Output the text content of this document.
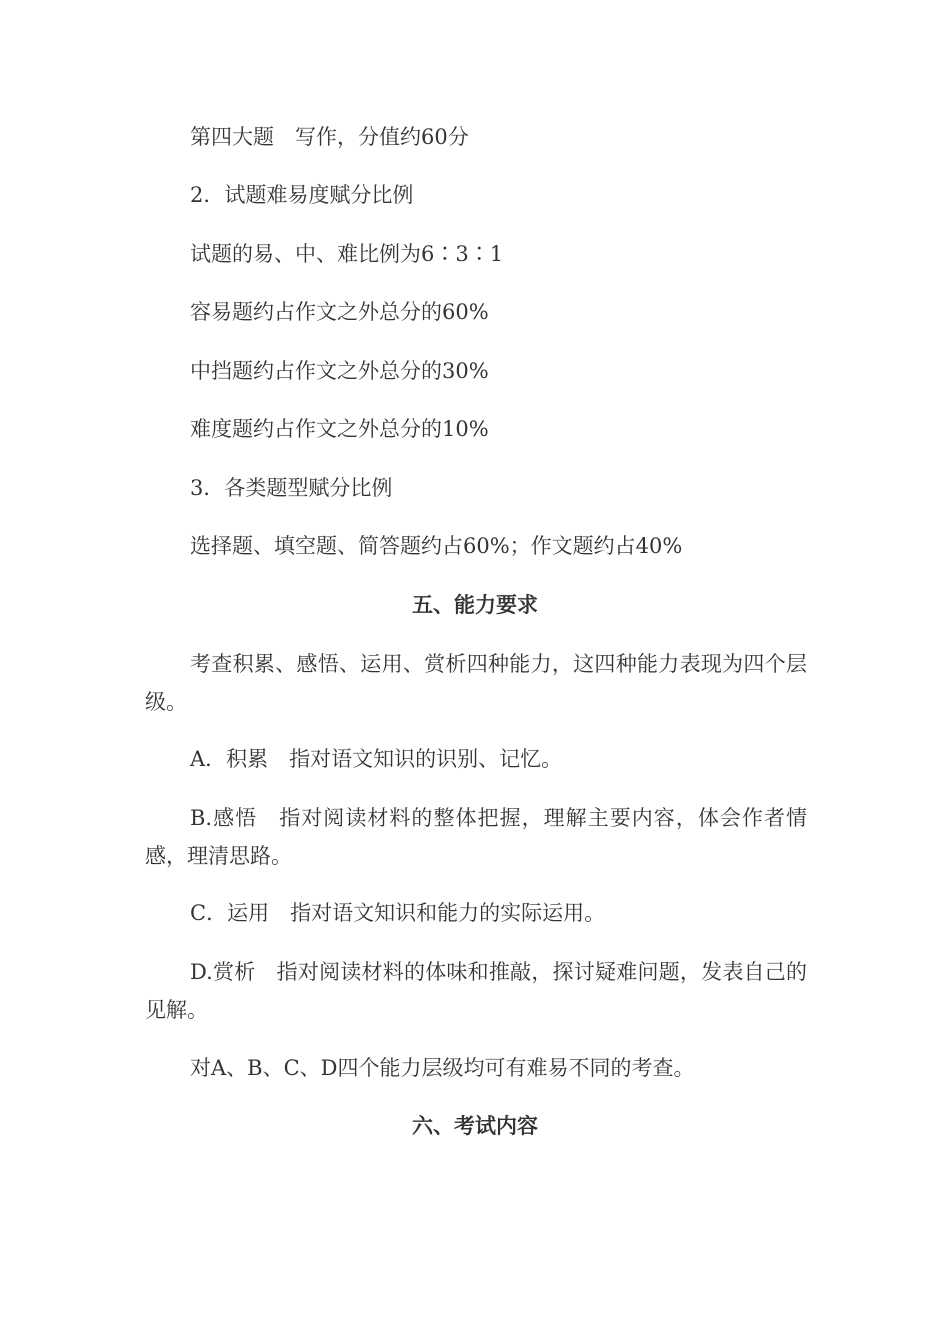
第四大题　写作，分值约60分
2．试题难易度赋分比例
试题的易、中、难比例为6∶3∶1
容易题约占作文之外总分的60%
中挡题约占作文之外总分的30%
难度题约占作文之外总分的10%
3．各类题型赋分比例
选择题、填空题、简答题约占60%；作文题约占40%
五、能力要求
考查积累、感悟、运用、赏析四种能力，这四种能力表现为四个层级。
A．积累　指对语文知识的识别、记忆。
B.感悟　指对阅读材料的整体把握，理解主要内容，体会作者情感，理清思路。
C．运用　指对语文知识和能力的实际运用。
D.赏析　指对阅读材料的体味和推敲，探讨疑难问题，发表自己的见解。
对A、B、C、D四个能力层级均可有难易不同的考查。
六、考试内容
